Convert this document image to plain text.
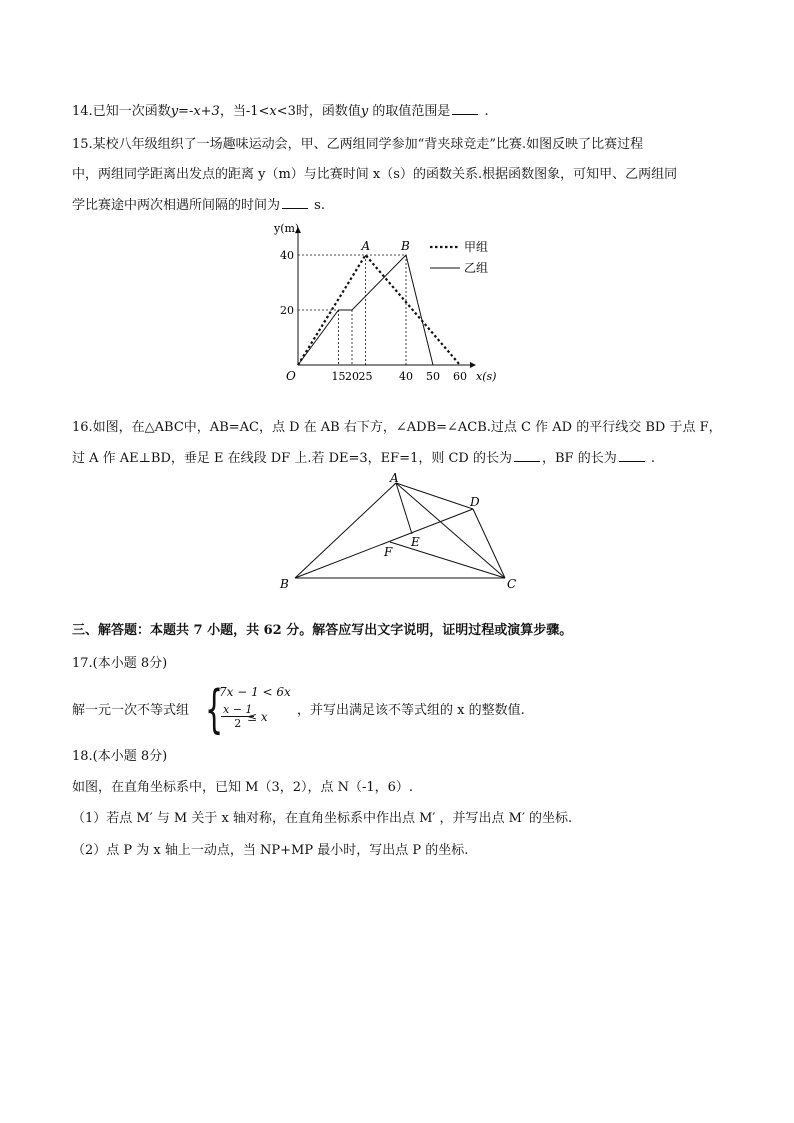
14.已知一次函数y=-x+3，当-1<x<3时，函数值y 的取值范围是 .
15.某校八年级组织了一场趣味运动会，甲、乙两组同学参加“背夹球竞走”比赛.如图反映了比赛过程
中，两组同学距离出发点的距离 y（m）与比赛时间 x（s）的函数关系.根据函数图象，可知甲、乙两组同
学比赛途中两次相遇所间隔的时间为 s.
y(m)
x(s)
O	15 20 25 40 50 60
20
40
A	B	甲组
乙组
16.如图，在△ABC中，AB=AC，点 D 在 AB 右下方，∠ADB=∠ACB.过点 C 作 AD 的平行线交 BD 于点 F，
过 A 作 AE⊥BD，垂足 E 在线段 DF 上.若 DE=3，EF=1，则 CD 的长为 ，BF 的长为 .
A
B	C
D
E
F
三、解答题：本题共 7 小题，共 62 分。解答应写出文字说明，证明过程或演算步骤。
17.(本小题 8分)
解一元一次不等式组 {
7x − 1 < 6x
$\frac{x - 1}{2}$
≤ x ，并写出满足该不等式组的 x 的整数值.
18.(本小题 8分)
如图，在直角坐标系中，已知 M（3，2），点 N（-1，6）.
（1）若点 M′ 与 M 关于 x 轴对称，在直角坐标系中作出点 M′ ，并写出点 M′ 的坐标.
（2）点 P 为 x 轴上一动点，当 NP+MP 最小时，写出点 P 的坐标.
